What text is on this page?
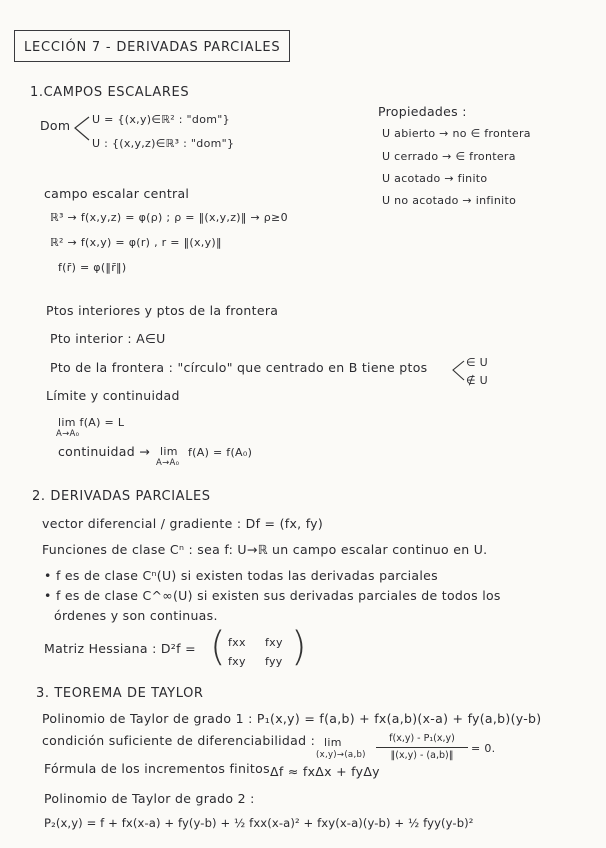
LECCIÓN 7 - DERIVADAS PARCIALES
1.CAMPOS ESCALARES
Dom U = {(x,y)∈ℝ² : "dom"}
U : {(x,y,z)∈ℝ³ : "dom"}
Propiedades :
U abierto → no ∈ frontera
U cerrado → ∈ frontera
U acotado → finito
U no acotado → infinito
campo escalar central
ℝ³ → f(x,y,z) = φ(ρ) ; ρ = ‖(x,y,z)‖ → ρ≥0
ℝ² → f(x,y) = φ(r) , r = ‖(x,y)‖
f(r̄) = φ(‖r̄‖)
Ptos interiores y ptos de la frontera
Pto interior : A∈U
Pto de la frontera : "círculo" que centrado en B tiene ptos	∈ U
∉ U
Límite y continuidad
lim f(A) = L
A→A₀
continuidad → lim
A→A₀
f(A) = f(A₀)
2. DERIVADAS PARCIALES
vector diferencial / gradiente : Df = (fx, fy)
Funciones de clase Cⁿ : sea f: U→ℝ un campo escalar continuo en U.
• f es de clase Cⁿ(U) si existen todas las derivadas parciales
• f es de clase C^∞(U) si existen sus derivadas parciales de todos los
órdenes y son continuas.
Matriz Hessiana : D²f = ( fxx fxy
fxy fyy )
3. TEOREMA DE TAYLOR
Polinomio de Taylor de grado 1 : P₁(x,y) = f(a,b) + fx(a,b)(x-a) + fy(a,b)(y-b)
condición suficiente de diferenciabilidad : lim
(x,y)→(a,b)
f(x,y) - P₁(x,y)
‖(x,y) - (a,b)‖	= 0.
Fórmula de los incrementos finitos Δf ≈ fxΔx + fyΔy
Polinomio de Taylor de grado 2 :
P₂(x,y) = f + fx(x-a) + fy(y-b) + ½ fxx(x-a)² + fxy(x-a)(y-b) + ½ fyy(y-b)²
